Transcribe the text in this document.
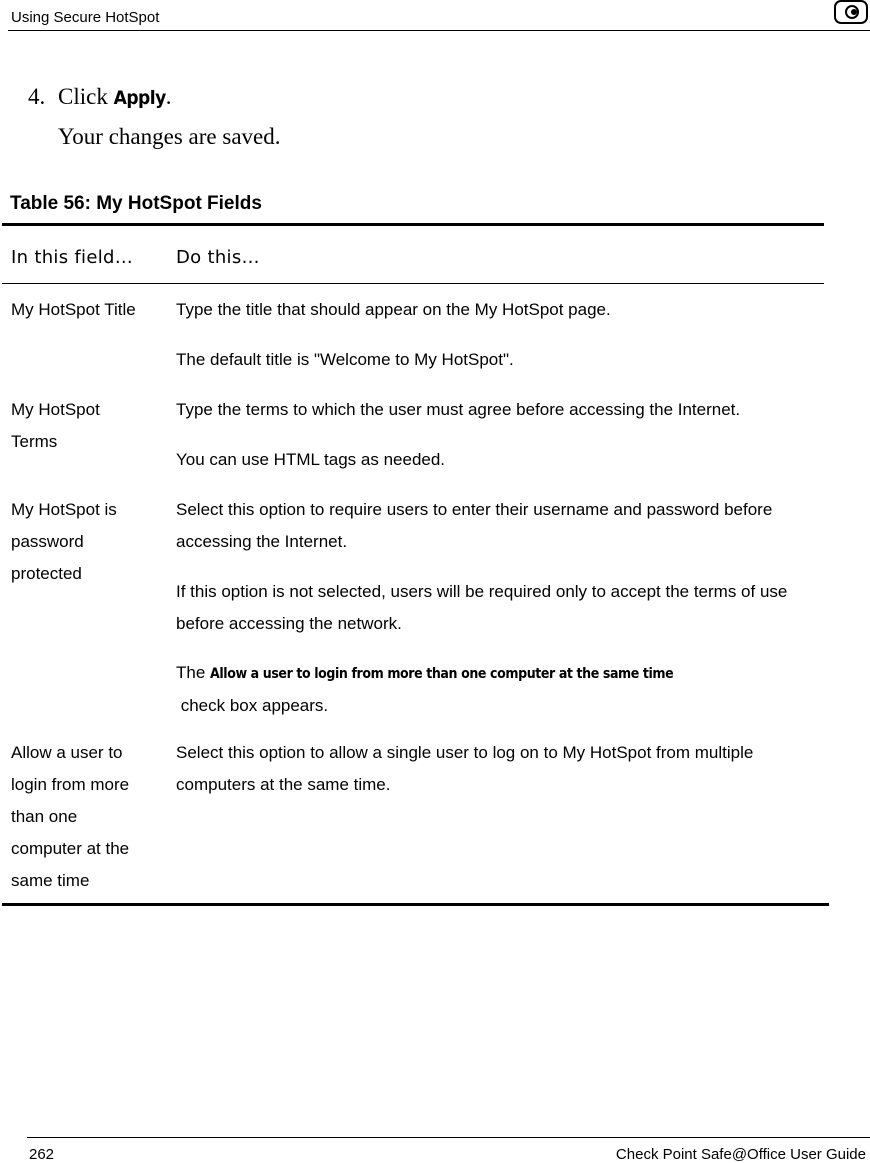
Using Secure HotSpot
4. Click Apply.
Your changes are saved.
Table 56: My HotSpot Fields
In this field… Do this…
My HotSpot Title	Type the title that should appear on the My HotSpot page.
The default title is "Welcome to My HotSpot".
My HotSpot Terms
Type the terms to which the user must agree before accessing the Internet.
You can use HTML tags as needed.
My HotSpot is password protected
Select this option to require users to enter their username and password before accessing the Internet.
If this option is not selected, users will be required only to accept the terms of use before accessing the network.
The Allow a user to login from more than one computer at the same time check box appears.
Allow a user to login from more than one computer at the same time
Select this option to allow a single user to log on to My HotSpot from multiple computers at the same time.
262	Check Point Safe@Office User Guide
